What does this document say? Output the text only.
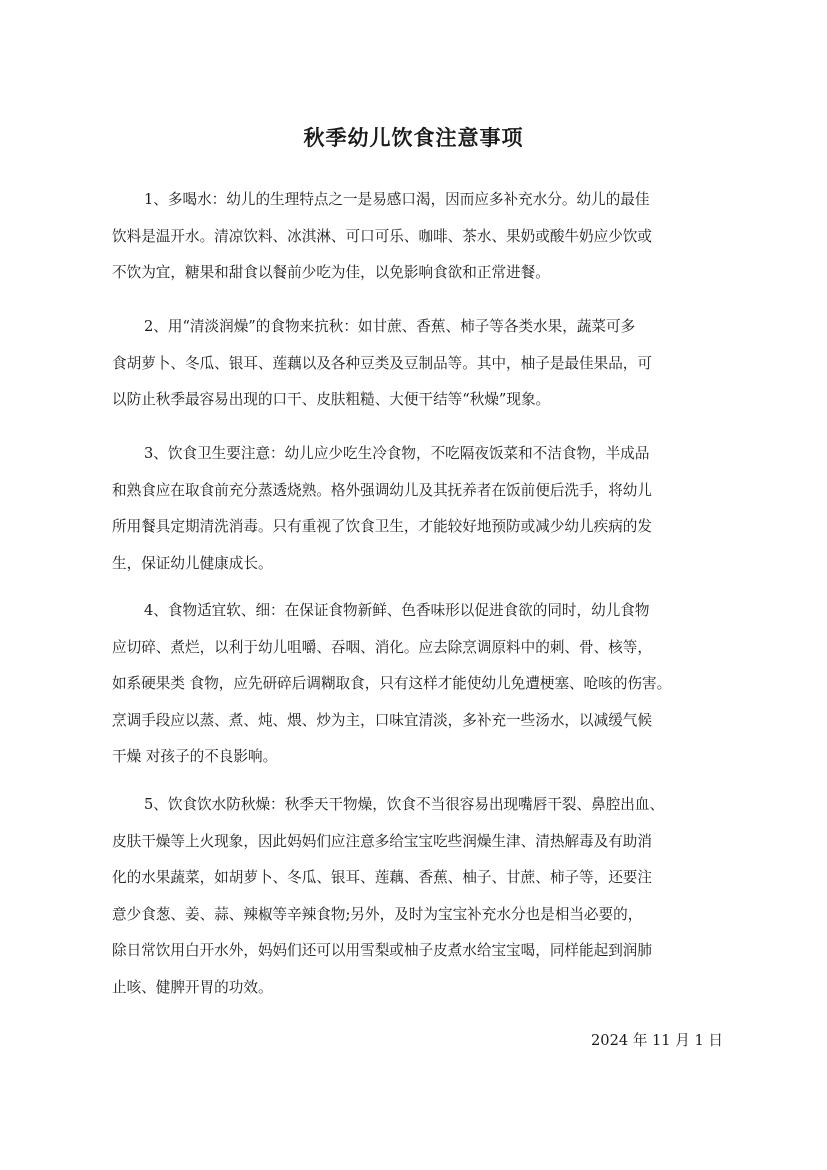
秋季幼儿饮食注意事项
1、多喝水：幼儿的生理特点之一是易感口渴，因而应多补充水分。幼儿的最佳
饮料是温开水。清凉饮料、冰淇淋、可口可乐、咖啡、茶水、果奶或酸牛奶应少饮或
不饮为宜，糖果和甜食以餐前少吃为佳，以免影响食欲和正常进餐。
2、用“清淡润燥”的食物来抗秋：如甘蔗、香蕉、柿子等各类水果，蔬菜可多
食胡萝卜、冬瓜、银耳、莲藕以及各种豆类及豆制品等。其中，柚子是最佳果品，可
以防止秋季最容易出现的口干、皮肤粗糙、大便干结等“秋燥”现象。
3、饮食卫生要注意：幼儿应少吃生冷食物，不吃隔夜饭菜和不洁食物，半成品
和熟食应在取食前充分蒸透烧熟。格外强调幼儿及其抚养者在饭前便后洗手，将幼儿
所用餐具定期清洗消毒。只有重视了饮食卫生，才能较好地预防或减少幼儿疾病的发
生，保证幼儿健康成长。
4、食物适宜软、细：在保证食物新鲜、色香味形以促进食欲的同时，幼儿食物
应切碎、煮烂，以利于幼儿咀嚼、吞咽、消化。应去除烹调原料中的刺、骨、核等，
如系硬果类 食物，应先研碎后调糊取食，只有这样才能使幼儿免遭梗塞、呛咳的伤害。
烹调手段应以蒸、煮、炖、煨、炒为主，口味宜清淡，多补充一些汤水，以减缓气候
干燥 对孩子的不良影响。
5、饮食饮水防秋燥：秋季天干物燥，饮食不当很容易出现嘴唇干裂、鼻腔出血、
皮肤干燥等上火现象，因此妈妈们应注意多给宝宝吃些润燥生津、清热解毒及有助消
化的水果蔬菜，如胡萝卜、冬瓜、银耳、莲藕、香蕉、柚子、甘蔗、柿子等，还要注
意少食葱、姜、蒜、辣椒等辛辣食物;另外，及时为宝宝补充水分也是相当必要的，
除日常饮用白开水外，妈妈们还可以用雪梨或柚子皮煮水给宝宝喝，同样能起到润肺
止咳、健脾开胃的功效。
2024 年 11 月 1 日
